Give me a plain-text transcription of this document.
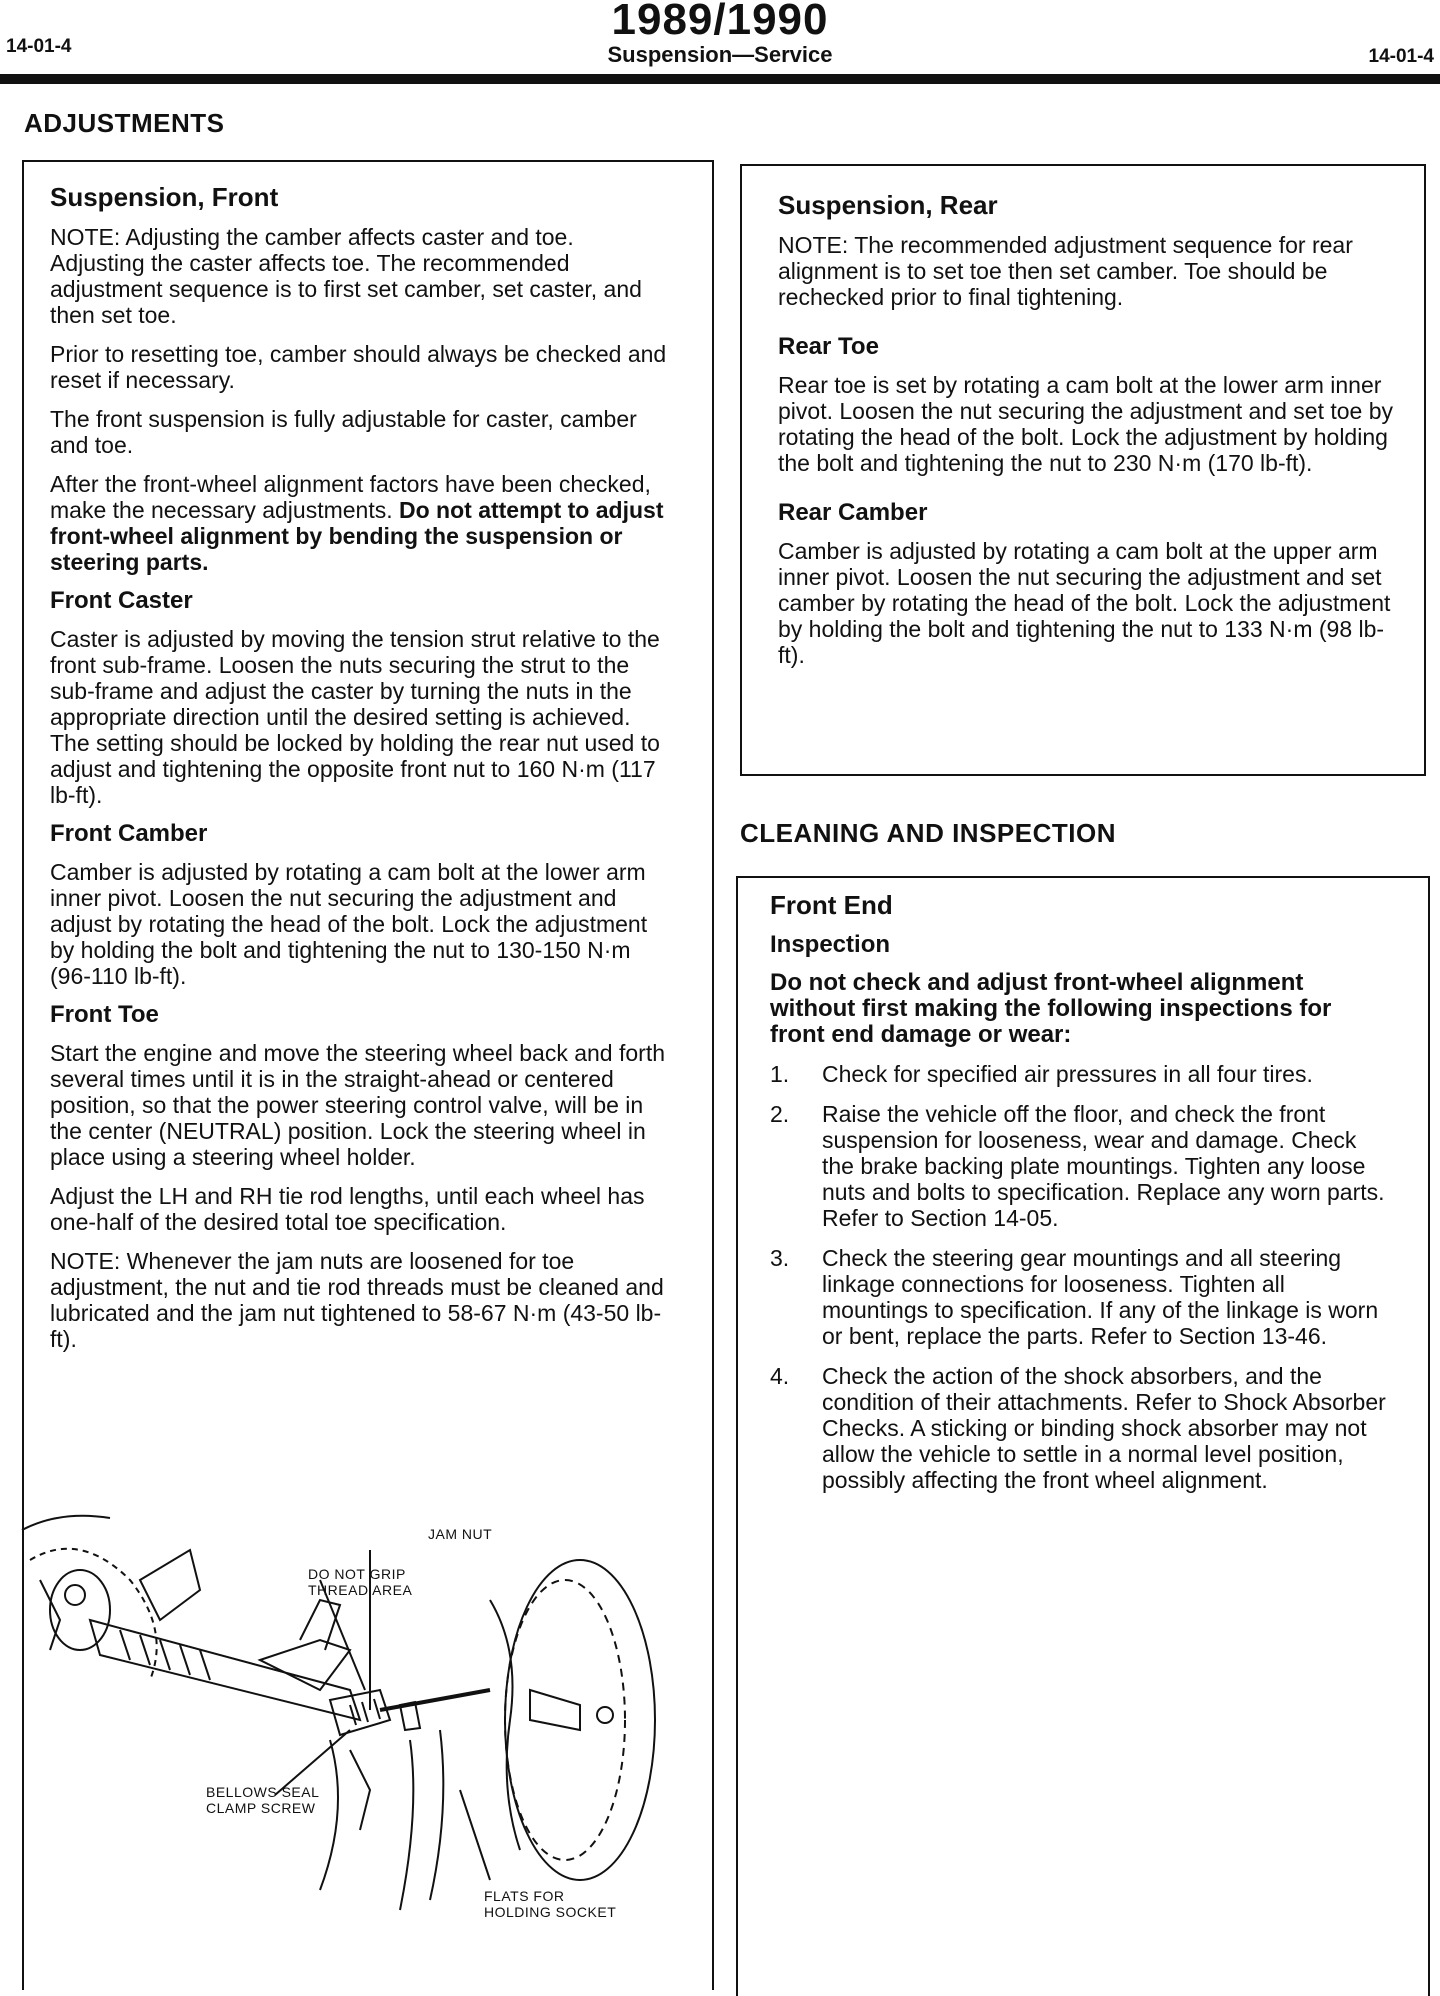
14-01-4
1989/1990
Suspension—Service	14-01-4
ADJUSTMENTS

Suspension, Front

NOTE: Adjusting the camber affects caster and toe. Adjusting the caster affects toe. The recommended adjustment sequence is to first set camber, set caster, and then set toe.

Prior to resetting toe, camber should always be checked and reset if necessary.

The front suspension is fully adjustable for caster, camber and toe.

After the front-wheel alignment factors have been checked, make the necessary adjustments. Do not attempt to adjust front-wheel alignment by bending the suspension or steering parts.

Front Caster

Caster is adjusted by moving the tension strut relative to the front sub-frame. Loosen the nuts securing the strut to the sub-frame and adjust the caster by turning the nuts in the appropriate direction until the desired setting is achieved. The setting should be locked by holding the rear nut used to adjust and tightening the opposite front nut to 160 N·m (117 lb-ft).

Front Camber

Camber is adjusted by rotating a cam bolt at the lower arm inner pivot. Loosen the nut securing the adjustment and adjust by rotating the head of the bolt. Lock the adjustment by holding the bolt and tightening the nut to 130-150 N·m (96-110 lb-ft).

Front Toe

Start the engine and move the steering wheel back and forth several times until it is in the straight-ahead or centered position, so that the power steering control valve, will be in the center (NEUTRAL) position. Lock the steering wheel in place using a steering wheel holder.

Adjust the LH and RH tie rod lengths, until each wheel has one-half of the desired total toe specification.

NOTE: Whenever the jam nuts are loosened for toe adjustment, the nut and tie rod threads must be cleaned and lubricated and the jam nut tightened to 58-67 N·m (43-50 lb-ft).

JAM NUT
DO NOT GRIP
THREAD AREA
BELLOWS SEAL
CLAMP SCREW
FLATS FOR
HOLDING SOCKET

Suspension, Rear

NOTE: The recommended adjustment sequence for rear alignment is to set toe then set camber. Toe should be rechecked prior to final tightening.

Rear Toe

Rear toe is set by rotating a cam bolt at the lower arm inner pivot. Loosen the nut securing the adjustment and set toe by rotating the head of the bolt. Lock the adjustment by holding the bolt and tightening the nut to 230 N·m (170 lb-ft).

Rear Camber

Camber is adjusted by rotating a cam bolt at the upper arm inner pivot. Loosen the nut securing the adjustment and set camber by rotating the head of the bolt. Lock the adjustment by holding the bolt and tightening the nut to 133 N·m (98 lb-ft).

CLEANING AND INSPECTION

Front End

Inspection

Do not check and adjust front-wheel alignment without first making the following inspections for front end damage or wear:

1. Check for specified air pressures in all four tires.
2. Raise the vehicle off the floor, and check the front suspension for looseness, wear and damage. Check the brake backing plate mountings. Tighten any loose nuts and bolts to specification. Replace any worn parts. Refer to Section 14-05.
3. Check the steering gear mountings and all steering linkage connections for looseness. Tighten all mountings to specification. If any of the linkage is worn or bent, replace the parts. Refer to Section 13-46.
4. Check the action of the shock absorbers, and the condition of their attachments. Refer to Shock Absorber Checks. A sticking or binding shock absorber may not allow the vehicle to settle in a normal level position, possibly affecting the front wheel alignment.
